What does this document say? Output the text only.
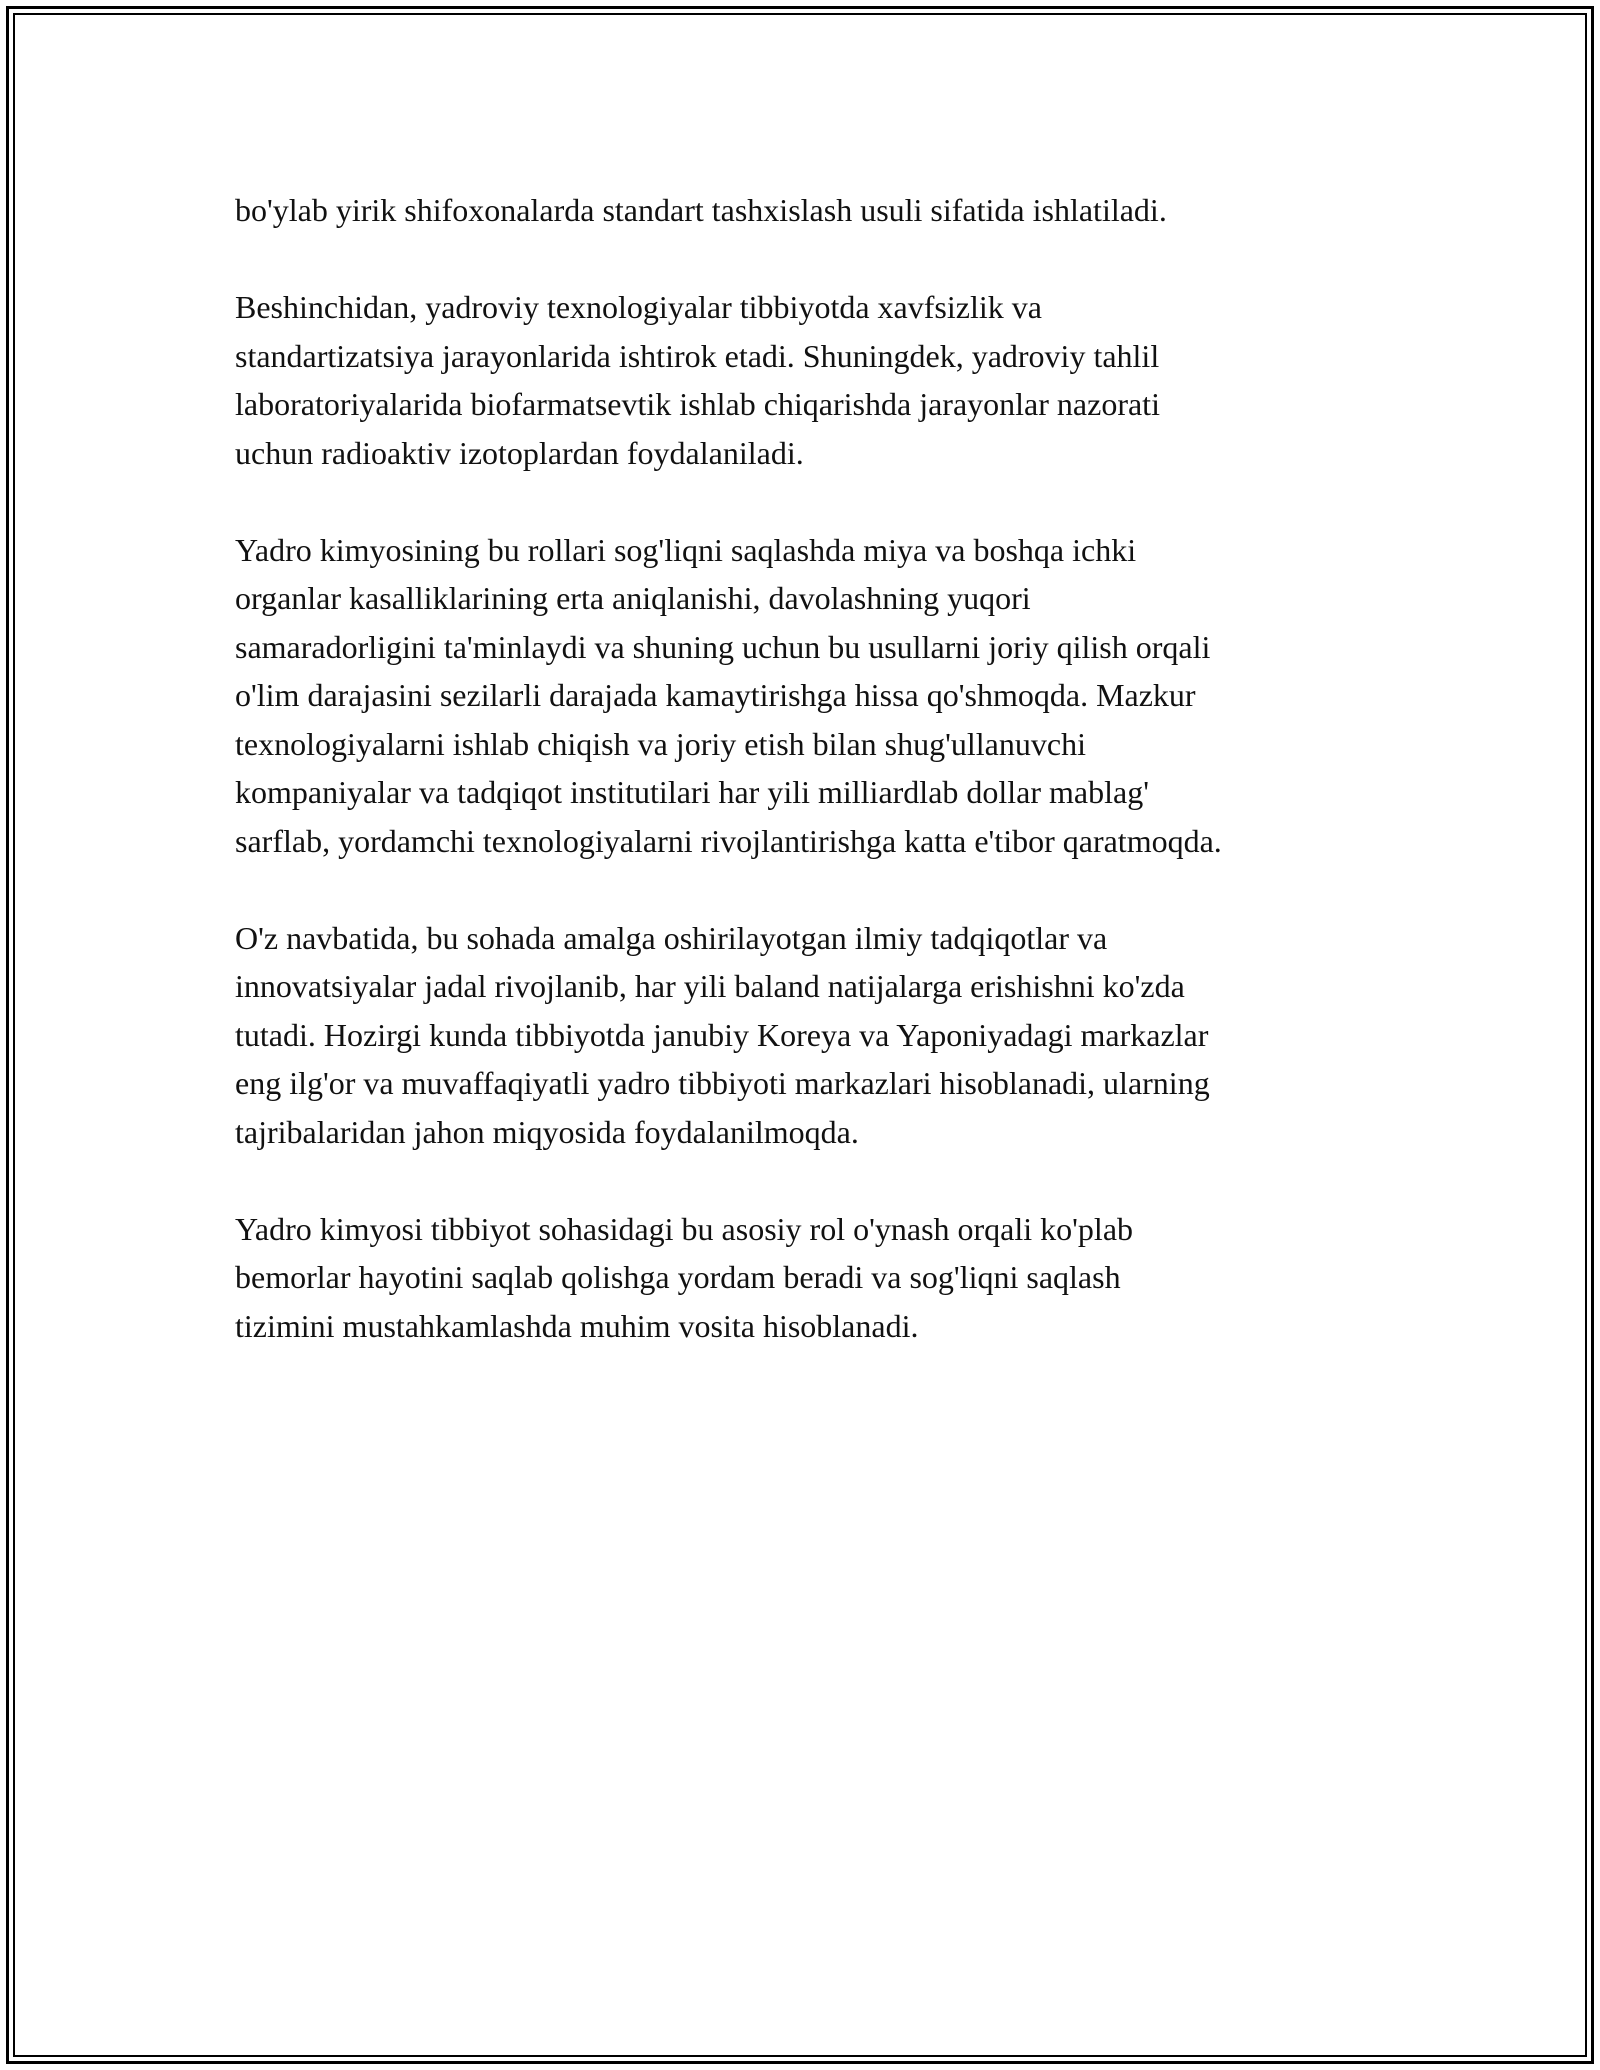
bo'ylab yirik shifoxonalarda standart tashxislash usuli sifatida ishlatiladi.

Beshinchidan, yadroviy texnologiyalar tibbiyotda xavfsizlik va
standartizatsiya jarayonlarida ishtirok etadi. Shuningdek, yadroviy tahlil
laboratoriyalarida biofarmatsevtik ishlab chiqarishda jarayonlar nazorati
uchun radioaktiv izotoplardan foydalaniladi.

Yadro kimyosining bu rollari sog'liqni saqlashda miya va boshqa ichki
organlar kasalliklarining erta aniqlanishi, davolashning yuqori
samaradorligini ta'minlaydi va shuning uchun bu usullarni joriy qilish orqali
o'lim darajasini sezilarli darajada kamaytirishga hissa qo'shmoqda. Mazkur
texnologiyalarni ishlab chiqish va joriy etish bilan shug'ullanuvchi
kompaniyalar va tadqiqot institutilari har yili milliardlab dollar mablag'
sarflab, yordamchi texnologiyalarni rivojlantirishga katta e'tibor qaratmoqda.

O'z navbatida, bu sohada amalga oshirilayotgan ilmiy tadqiqotlar va
innovatsiyalar jadal rivojlanib, har yili baland natijalarga erishishni ko'zda
tutadi. Hozirgi kunda tibbiyotda janubiy Koreya va Yaponiyadagi markazlar
eng ilg'or va muvaffaqiyatli yadro tibbiyoti markazlari hisoblanadi, ularning
tajribalaridan jahon miqyosida foydalanilmoqda.

Yadro kimyosi tibbiyot sohasidagi bu asosiy rol o'ynash orqali ko'plab
bemorlar hayotini saqlab qolishga yordam beradi va sog'liqni saqlash
tizimini mustahkamlashda muhim vosita hisoblanadi.
